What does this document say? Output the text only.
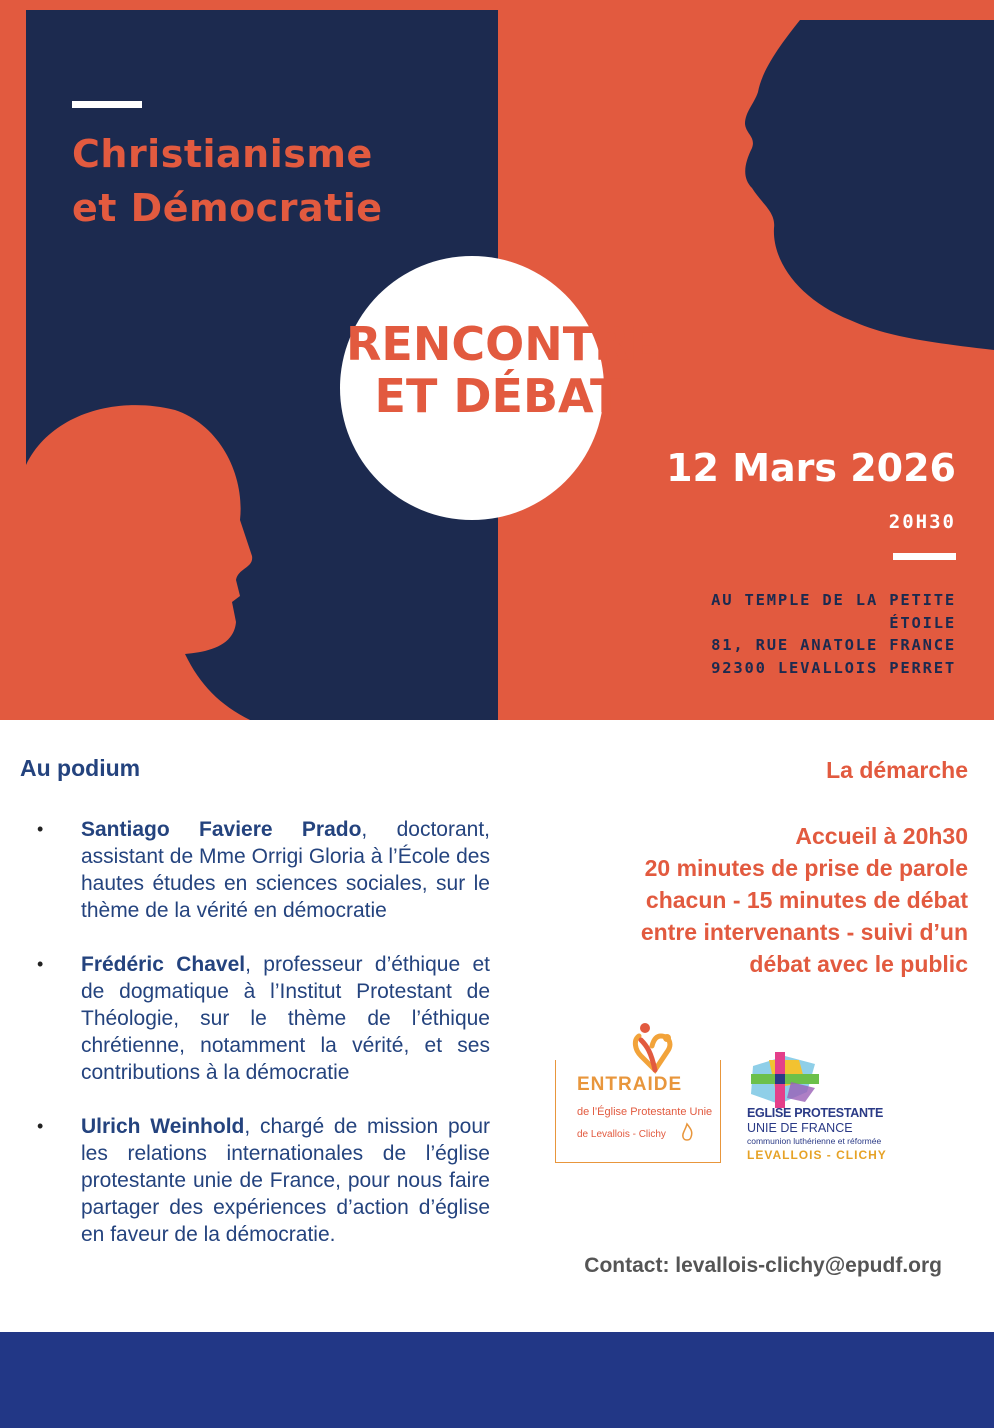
Christianisme
et Démocratie
RENCONTRE
ET DÉBAT
12 Mars 2026
20H30
AU TEMPLE DE LA PETITE
ÉTOILE
81, RUE ANATOLE FRANCE
92300 LEVALLOIS PERRET
Au podium
• Santiago Faviere Prado, doctorant, assistant de Mme Orrigi Gloria à l’École des hautes études en sciences sociales, sur le thème de la vérité en démocratie
• Frédéric Chavel, professeur d’éthique et de dogmatique à l’Institut Protestant de Théologie, sur le thème de l’éthique chrétienne, notamment la vérité, et ses contributions à la démocratie
• Ulrich Weinhold, chargé de mission pour les relations internationales de l’église protestante unie de France, pour nous faire partager des expériences d’action d’église en faveur de la démocratie.
La démarche
Accueil à 20h30
20 minutes de prise de parole
chacun - 15 minutes de débat
entre intervenants - suivi d’un
débat avec le public
ENTRAIDE
de l’Église Protestante Unie
de Levallois - Clichy
EGLISE PROTESTANTE
UNIE DE FRANCE
communion luthérienne et réformée
LEVALLOIS - CLICHY
Contact: levallois-clichy@epudf.org
